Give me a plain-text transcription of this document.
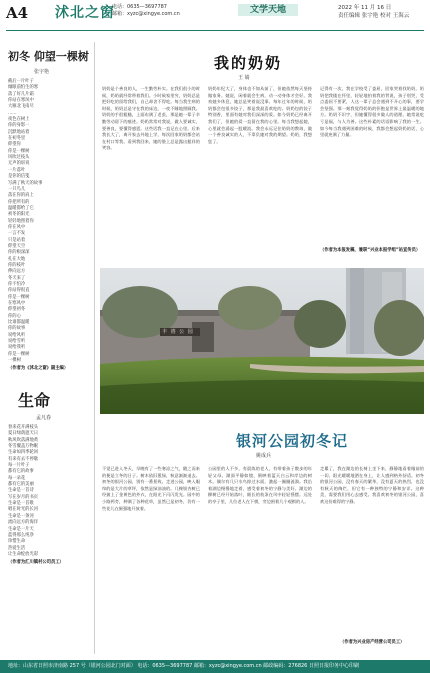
A4 沭北之窗
电话：0635—3697787
邮箱：xyzc@xingye.com.cn	文学天地	2022 年 11 月 16 日
责任编辑 张宇艳 校对 王海云
初冬 仰望一棵树
张宇艳
截后一片叶子
倾眼前怕生的寒
落了好几片霜
你站在寒风中
大雁北飞南尽
……
夜色在树上
你的身影一
沉默地站着
在初冬里
仰望你
你是一棵树
风吹过枝头
无声的诉说
一片落叶
是你的信笺
写满了秋天的故事
一只鸟儿
落在你的肩上
你把所有的
温暖都给了它
初冬的阳光
轻轻地照着你
你在风中
一言不发
只是站着
仰望天空
你的根深深
扎在大地
你的枝叶
伸向远方
冬天来了
你不怕冷
你站得很直
你是一棵树
在寒风中
仰望初冬
你的心
比谁都温暖
你的故事
说给风听
说给雪听
说给我听
你是一棵树
一棵树
（作者为《沭北之窗》副主编）
生命
孟凡春
春来花开满枝头
夏日绿荫遮天日
秋风吹落满地黄
冬雪覆盖万物眠
生命如四季轮回
有来有去不停歇
每一片叶子
都有它的故事
每一朵花
都有它的美丽
生命是一首诗
写在岁月的书页
生命是一首歌
唱在时光的长河
生命是一条河
流向远方的海洋
生命是一片天
蓝得那么纯净
珍惜生命
热爱生活
让生命绽放光彩
（作者为汇川镇村公司员工）
我的奶奶
王 婧
奶奶是个善良的人，一生勤劳朴实。在我们很小的时候，奶奶就经常带着我们。小时候家里穷，奶奶总是把好吃的留给我们，自己却舍不得吃。每当我生病的时候，奶奶总是守在我的床边，一夜不睡地照顾我。奶奶的手很粗糙，上面布满了老茧，那是她一辈子辛勤劳动留下的痕迹。奶奶常常对我说，做人要诚实，要善良，要懂得感恩。这些话我一直记在心里。后来我长大了，离开家去外地上学，每次回家奶奶都会站在村口等我。看到我回来，她的脸上总是露出慈祥的笑容。
奶奶年纪大了，身体也不如从前了，但她依然每天坚持做家务。她说，闲着就会生病，动一动身体才会好。我劝她多休息，她总是笑着说没事。每年过年的时候，奶奶都会包很多饺子，那是我最喜欢吃的。奶奶包的饺子特别香，里面有她对我们深深的爱。如今奶奶已经离开我们了，但她的爱一直留在我的心里。每当我想起她，心里就会涌起一股暖流。我会永远记住奶奶的教诲，做一个善良诚实的人，不辜负她对我的期望。奶奶，我想您了。
记得有一次，我在学校受了委屈，回家哭着找奶奶。奶奶把我搂在怀里，轻轻地拍着我的背说，孩子别哭，受点委屈不要紧，人这一辈子总会遇到不开心的事，要学会坚强。那一刻我觉得奶奶的怀抱是世界上最温暖的地方。奶奶不识字，但她懂得很多做人的道理。她常说吃亏是福，与人为善。这些朴素的话语影响了我的一生。如今每当我遇到困难的时候，我都会想起奶奶的话，心里就充满了力量。
（作者为本报发稿，兼职“兴业本报学组”站宣传员）
丰 禧 公 园
银河公园初冬记
姚成兵
不觉已进入冬天，早晚有了一些寒凉之气，随之而来的便是立冬的日子。树木依旧葱绿，秋意渐渐退去。初冬的银河公园，别有一番景致。走进公园，映入眼帘的是大片的草坪，依然是绿油油的。几棵银杏树已经披上了金黄色的外衣，在阳光下闪闪发光。园中的小路两旁，种满了各种花草，虽然已是初冬，仍有一些花儿在倔强地开放着。
公园里的人不多，有晨练的老人，有带着孩子散步的年轻父母。湖面平静如镜，倒映着蓝天白云和岸边的树木。偶尔有几只水鸟掠过水面，激起一圈圈涟漪。我沿着湖边慢慢地走着，感受着初冬的宁静与美好。湖边的柳树已经开始落叶，细长的枝条在风中轻轻摇摆。远处的亭子里，几位老人在下棋，旁边围着几个观棋的人。
走累了，我在湖边的长椅上坐下来，静静地看着眼前的一切。阳光暖暖地洒在身上，让人感到格外舒适。初冬的银河公园，没有春天的繁华，没有夏天的热烈，也没有秋天的绚烂，但它有一种独特的宁静和安详。这种美，需要我们用心去感受。我喜欢初冬的银河公园，喜欢这份难得的宁静。
（作者为兴业房产经营公司员工）
地址：山东省日照市济南路 257 号（银河公园北门对面） 电话：0635—3697787 邮箱：xyzc@xingye.com.cn 邮政编码：276826 日照日报印务中心印刷
